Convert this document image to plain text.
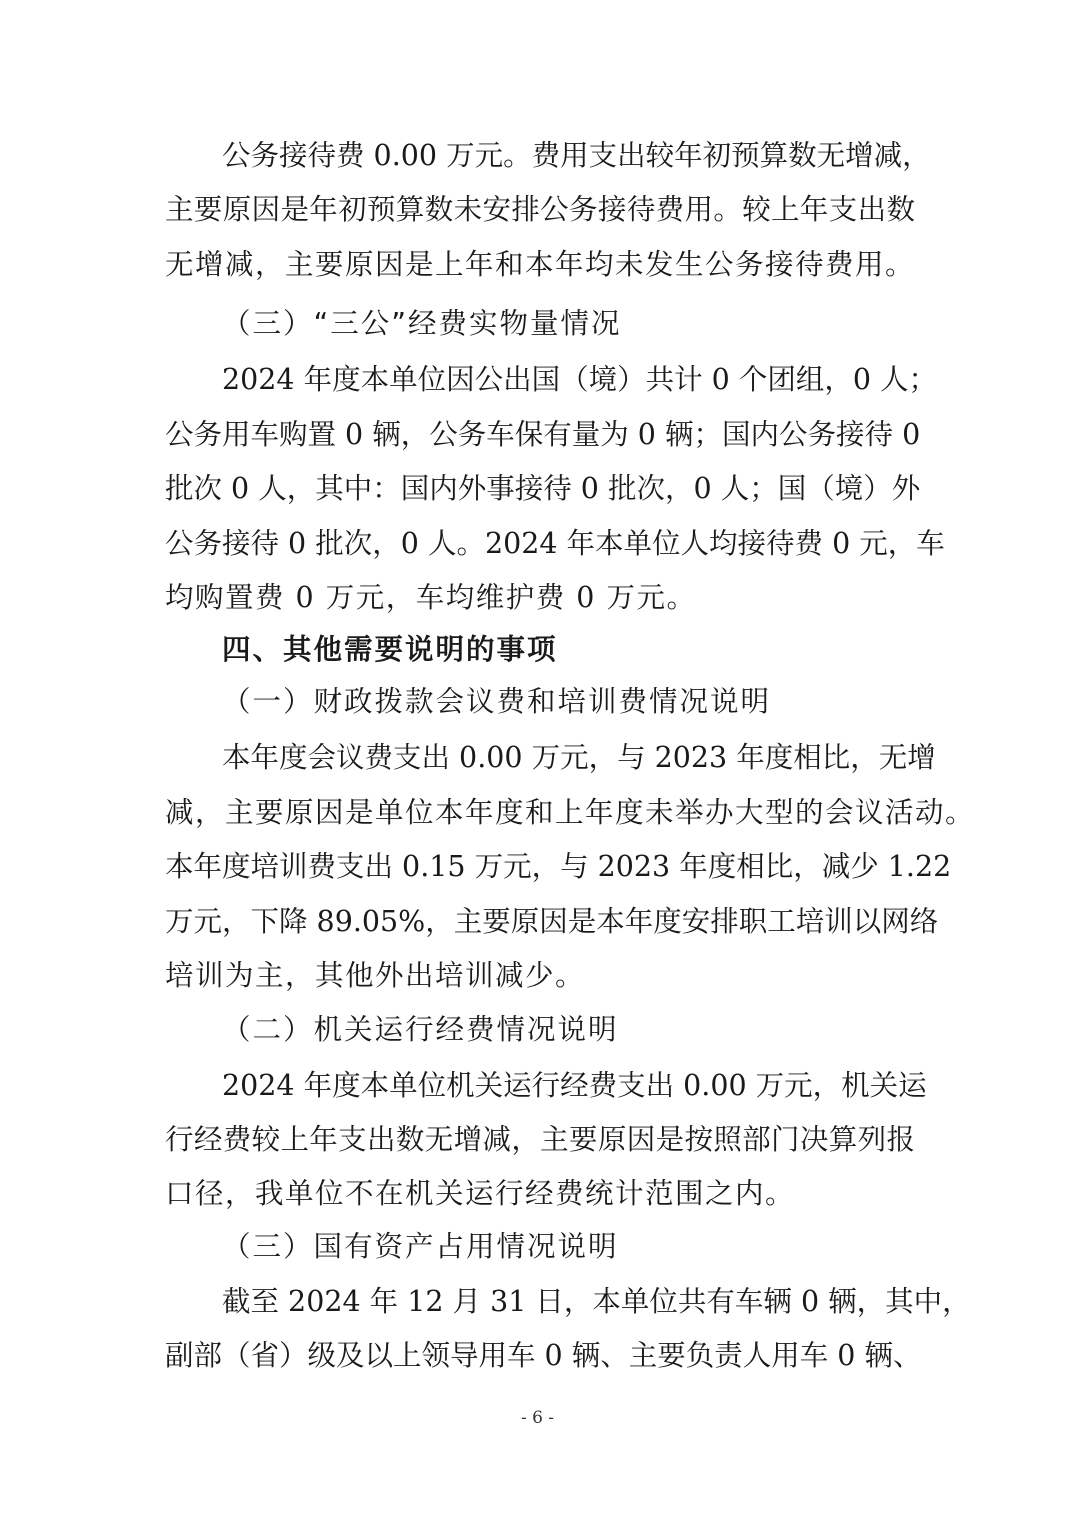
公务接待费 0.00 万元。费用支出较年初预算数无增减，
主要原因是年初预算数未安排公务接待费用。较上年支出数
无增减，主要原因是上年和本年均未发生公务接待费用。
（三）“三公”经费实物量情况
2024 年度本单位因公出国（境）共计 0 个团组，0 人；
公务用车购置 0 辆，公务车保有量为 0 辆；国内公务接待 0
批次 0 人，其中：国内外事接待 0 批次，0 人；国（境）外
公务接待 0 批次，0 人。2024 年本单位人均接待费 0 元，车
均购置费 0 万元，车均维护费 0 万元。
四、其他需要说明的事项
（一）财政拨款会议费和培训费情况说明
本年度会议费支出 0.00 万元，与 2023 年度相比，无增
减，主要原因是单位本年度和上年度未举办大型的会议活动。
本年度培训费支出 0.15 万元，与 2023 年度相比，减少 1.22
万元，下降 89.05%，主要原因是本年度安排职工培训以网络
培训为主，其他外出培训减少。
（二）机关运行经费情况说明
2024 年度本单位机关运行经费支出 0.00 万元，机关运
行经费较上年支出数无增减，主要原因是按照部门决算列报
口径，我单位不在机关运行经费统计范围之内。
（三）国有资产占用情况说明
截至 2024 年 12 月 31 日，本单位共有车辆 0 辆，其中，
副部（省）级及以上领导用车 0 辆、主要负责人用车 0 辆、
- 6 -
